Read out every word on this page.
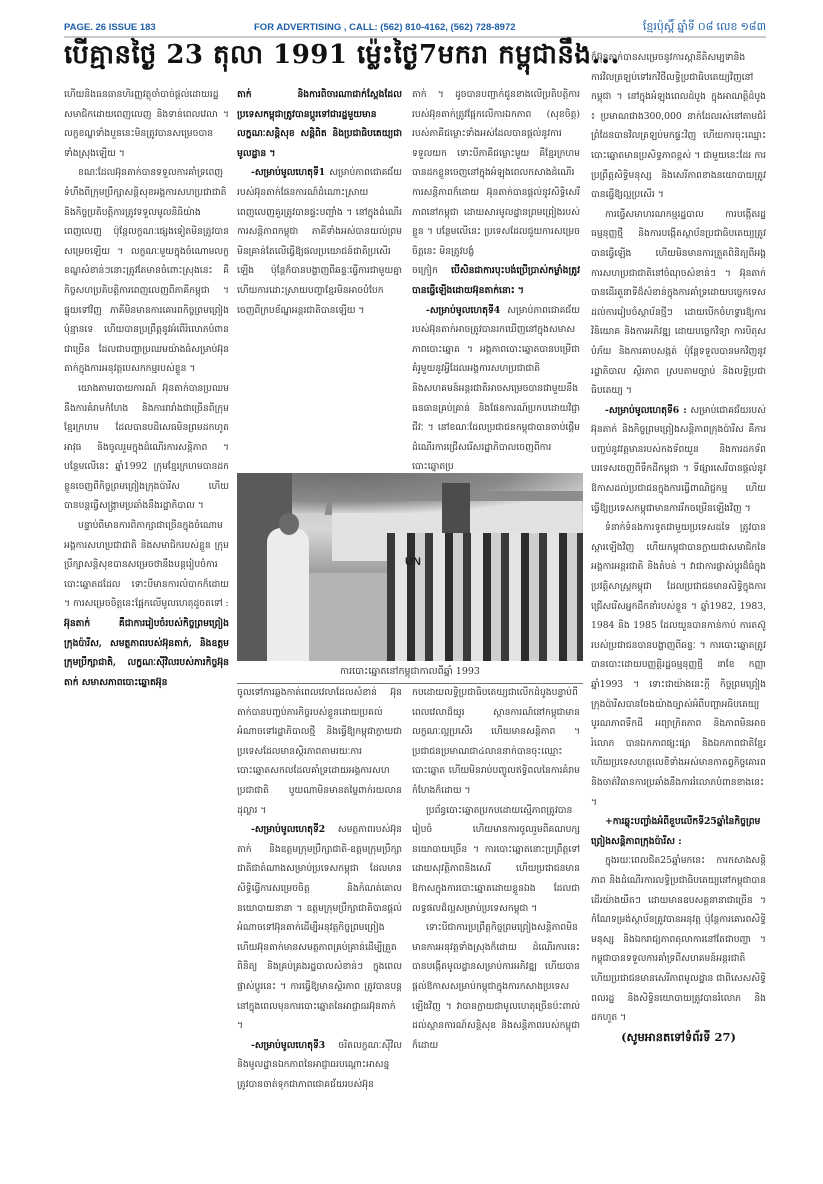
PAGE. 26 ISSUE 183	FOR ADVERTISING , CALL: (562) 810-4162, (562) 728-8972	ខ្មែរប៉ុស្ដិ៍ ឆ្នាំទី ០៨ លេខ ១៨៣
បើគ្មានថ្ងៃ 23 តុលា 1991 ម្ល៉េះថ្ងៃ7មករា កម្ពុជានឹង...

ហើយនិងធនធានហិរញ្ញវត្ថុចាំបាច់ផ្ដល់ដោយរដ្ឋសមាជិកដោយពេញលេញ និងទាន់ពេលវេលា ។ លក្ខខណ្ឌទាំងបួននេះមិនត្រូវបានសម្រេចបានទាំងស្រុងឡើយ ។

ខណៈដែលអ៊ុនតាក់បានទទួលការគាំទ្រពេញទំហឹងពីក្រុមប្រឹក្សាសន្ដិសុខអង្គការសហប្រជាជាតិ និងកិច្ចប្រតិបត្តិការត្រូវទទួលមូលនិធិយ៉ាងពេញលេញ ប៉ុន្ដែលក្ខណៈផ្សេងទៀតមិនត្រូវបានសម្រេចឡើយ ។ លក្ខណៈមួយក្នុងចំណោមលក្ខខណ្ឌសំខាន់ៗនោះត្រូវតែមានចំពោះស្រុងនេះ គឺកិច្ចសហប្រតិបត្តិការពេញលេញពីភាគីកម្ពុជា ។ ផ្ទុយទៅវិញ ភាគីមិនមានការគោរពកិច្ចព្រមព្រៀងប៉ុន្មានទេ ហើយបានប្រព្រឹត្តនូវអំពើរំលោភបំពានជាច្រើន ដែលជាបញ្ហាប្រឈមយ៉ាងធំសម្រាប់អ៊ុនតាក់ក្នុងការអនុវត្តបេសកកម្មរបស់ខ្លួន ។

យោងតាមរបាយការណ៍ អ៊ុនតាក់បានប្រឈមនឹងការគំរាមកំហែង និងការរារាំងជាច្រើនពីក្រុមខ្មែរក្រហម ដែលបានបដិសេធមិនព្រមដកហូតអាវុធ និងចូលរួមក្នុងដំណើរការសន្ដិភាព ។ បន្ថែមលើនេះ ឆ្នាំ1992 ក្រុមខ្មែរក្រហមបានដកខ្លួនចេញពីកិច្ចព្រមព្រៀងក្រុងប៉ារីស ហើយបានបន្ដធ្វើសង្គ្រាមប្រឆាំងនឹងរដ្ឋាភិបាល ។

បន្ទាប់ពីមានការពិភាក្សាជាច្រើនក្នុងចំណោមអង្គការសហប្រជាជាតិ និងសមាជិករបស់ខ្លួន ក្រុមប្រឹក្សាសន្ដិសុខបានសម្រេចថានឹងបន្ដរៀបចំការបោះឆ្នោតដដែល ទោះបីមានការលំបាកក៏ដោយ ។ ការសម្រេចចិត្តនេះផ្អែកលើមូលហេតុដូចតទៅ :

អ៊ុនតាក់ គឺជាការរៀបចំរបស់កិច្ចព្រមព្រៀងក្រុងប៉ារីស, សមត្ថភាពរបស់អ៊ុនតាក់, និងឧត្ដមក្រុមប្រឹក្សាជាតិ, លក្ខណៈស៊ីវិលរបស់ភារកិច្ចអ៊ុនតាក់ សមាសភាពបោះឆ្នោតអ៊ុន

តាក់ និងការពិចារណាជាក់ស្ដែងដែលប្រទេសកម្ពុជាត្រូវបានប្ដូរទៅជារដ្ឋមួយមានលក្ខណៈសន្ដិសុខ សន្ដិពិត និងប្រជាធិបតេយ្យជាមូលដ្ឋាន ។

-សម្រាប់មូលហេតុទី1 សម្រាប់ភាពជោគជ័យរបស់អ៊ុនតាក់ផែនការណ៍ដំណោះស្រាយពេញលេញគួរត្រូវបានផ្ទះបញ្ជាំង ។ នៅក្នុងដំណើរការសន្ដិភាពកម្ពុជា ភាគីទាំងអស់បានយល់ព្រមមិនគ្រាន់តែលើធ្វើឱ្យផលប្រយោជន៍ជាតិប្រសើរឡើង ប៉ុន្ដែក៏បានបង្ហាញពីឆន្ទៈធ្វើការជាមួយគ្នា ហើយការដោះស្រាយបញ្ហាខ្មែរមិនអាចបំបែកចេញពីក្របខ័ណ្ឌអន្ដរជាតិបានឡើយ ។

តាក់ ។ ដូចបានបញ្ជាក់ជូនខាងលើប្រតិបត្តិការរបស់អ៊ុនតាក់ត្រូវផ្អែកលើការឯកភាព (សុខចិត្ត) របស់ភាគីជម្លោះទាំងអស់ដែលបានផ្ដល់នូវការទទួលយក ទោះបីភាគីជម្លោះមួយ គឺខ្មែរក្រហមបានដកខ្លួនចេញនៅក្នុងអំឡុងពេលកសាងដំណើរការសន្ដិភាពក៏ដោយ អ៊ុនតាក់បានផ្ដល់នូវសិទ្ធិសេរីភាពនៅកម្ពុជា ដោយសារមូលដ្ឋានព្រមព្រៀងរបស់ខ្លួន ។ បន្ថែមលើនេះ ប្រទេសដែលជួយការសម្រេចចិត្តនេះ មិនត្រូវបង្ខំ

ចក្រៀក បើសិនជាការបុះបង់ប្រើប្រាស់កម្លាំងត្រូវបានធ្វើឡើងដោយអ៊ុនតាក់នោះ ។

-សម្រាប់មូលហេតុទី4 សម្រាប់ភាពជោគជ័យរបស់អ៊ុនតាក់អាចត្រូវបានរកឃើញនៅក្នុងសមាសភាពបោះឆ្នោត ។ អង្គភាពបោះឆ្នោតបានបម្រើជាគំរូមួយនូវអ្វីដែលអង្គការសហប្រជាជាតិ និងសហគមន៍អន្ដរជាតិអាចសម្រេចបានជាមួយនឹងធនធានគ្រប់គ្រាន់ និងផែនការណ៍ប្រកបដោយវិជ្ជាជីវៈ ។ នៅខណៈដែលប្រជាជនកម្ពុជាបានចាប់ផ្ដើមដំណើរការជ្រើសរើសរដ្ឋាភិបាលចេញពីការបោះឆ្នោតប្រ

UN
ការបោះឆ្នោតនៅកម្ពុជាកាលពីឆ្នាំ 1993

ចូលទៅការឆ្លងកាត់ពេលវេលាដែលសំខាន់ អ៊ុនតាក់បានបញ្ចប់ភារកិច្ចរបស់ខ្លួនដោយប្រគល់អំណាចទៅរដ្ឋាភិបាលថ្មី និងធ្វើឱ្យកម្ពុជាក្លាយជាប្រទេសដែលមានស្ថិរភាពតាមរយៈការបោះឆ្នោតសកលដែលគាំទ្រដោយអង្គការសហប្រជាជាតិ បូយណាមិនមានតម្លៃពាក់រយលានដុល្លារ ។

-សម្រាប់មូលហេតុទី2 សមត្ថភាពរបស់អ៊ុនតាក់ និងឧត្ដមក្រុមប្រឹក្សាជាតិ-ឧត្ដមក្រុមប្រឹក្សាជាតិជាតំណាងសម្រាប់ប្រទេសកម្ពុជា ដែលមានសិទ្ធិធ្វើការសម្រេចចិត្ត និងកំណត់គោលនយោបាយនានា ។ ឧត្ដមក្រុមប្រឹក្សាជាតិបានផ្ដល់អំណាចទៅអ៊ុនតាក់ដើម្បីអនុវត្តកិច្ចព្រមព្រៀង ហើយអ៊ុនតាក់មានសមត្ថភាពគ្រប់គ្រាន់ដើម្បីត្រួតពិនិត្យ និងគ្រប់គ្រងរដ្ឋបាលសំខាន់ៗ ក្នុងពេលផ្លាស់ប្ដូរនេះ ។ ការធ្វើឱ្យមានស្ថិរភាព ត្រូវបានបន្ដនៅក្នុងពេលមុនការបោះឆ្នោតនៃអាជ្ញាធរអ៊ុនតាក់ ។

-សម្រាប់មូលហេតុទី3 ចរិតលក្ខណៈស៊ីវិល និងមូលដ្ឋានឯកភាពនៃអាជ្ញាធរបណ្ដោះអាសន្ន ត្រូវបានចាត់ទុកជាភាពជោគជ័យរបស់អ៊ុន

កបដោយលទ្ធិប្រជាធិបតេយ្យជាលើកដំបូងបន្ទាប់ពីពេលវេលាដ៏យូរ ស្ថានការណ៍នៅកម្ពុជាមានលក្ខណៈល្អប្រសើរ ហើយមានសន្ដិភាព ។ ប្រជាជនប្រមាណជា៤លាននាក់បានចុះឈ្មោះបោះឆ្នោត ហើយមិនរាប់បញ្ចូលឥទ្ធិពលនៃការគំរាមកំហែងក៏ដោយ ។

ប្រព័ន្ធបោះឆ្នោតប្រកបដោយស្មើភាពត្រូវបានរៀបចំ ហើយមានការចូលរួមពីគណបក្សនយោបាយច្រើន ។ ការបោះឆ្នោតនោះប្រព្រឹត្តទៅដោយសុវត្ថិភាពនិងសេរី ហើយប្រជាជនមានឱកាសក្នុងការបោះឆ្នោតដោយខ្លួនឯង ដែលជាលទ្ធផលដ៏ល្អសម្រាប់ប្រទេសកម្ពុជា ។

ទោះបីជាការប្រព្រឹត្តកិច្ចព្រមព្រៀងសន្ដិភាពមិនមានការអនុវត្តទាំងស្រុងក៏ដោយ ដំណើរការនេះបានបង្កើតមូលដ្ឋានសម្រាប់ការអភិវឌ្ឍ ហើយបានផ្ដល់ឱកាសសម្រាប់កម្ពុជាក្នុងការកសាងប្រទេសឡើងវិញ ។ វាបានក្លាយជាមូលហេតុច្រើនប៉ះពាល់ដល់ស្ថានការណ៍សន្ដិសុខ និងសន្ដិភាពរបស់កម្ពុជាក៏ដោយ

ក៏អ៊ុនតាក់បានសម្រេចនូវការស្ពានីតិសម្បទានិងការវិលត្រឡប់ទៅរកវិថីលទ្ធិប្រជាធិបតេយ្យវិញនៅកម្ពុជា ។ នៅក្នុងអំឡុងពេលដំបូង ក្នុងអាណត្តិដំបូង ៖ ប្រមាណជាង300,000 នាក់ដែលរស់នៅតាមជំរំព្រំដែនបានវិលត្រឡប់មកផ្ទះវិញ ហើយការចុះឈ្មោះបោះឆ្នោតមានប្រសិទ្ធភាពខ្ពស់ ។ ជាមួយនេះដែរ ការប្រព្រឹត្តសិទ្ធិមនុស្ស និងសេរីភាពខាងនយោបាយត្រូវបានធ្វើឱ្យល្អប្រសើរ ។

ការធ្វើសមាហរណកម្មរដ្ឋបាល ការបង្កើតរដ្ឋធម្មនុញ្ញថ្មី និងការបង្កើតស្ថាប័នប្រជាធិបតេយ្យត្រូវបានធ្វើឡើង ហើយមិនមានការត្រួតពិនិត្យពីអង្គការសហប្រជាជាតិនៅចំណុចសំខាន់ៗ ។ អ៊ុនតាក់បានដើរតួនាទីដ៏សំខាន់ក្នុងការគាំទ្រដោយបច្ចេកទេសដល់ការរៀបចំស្ថាប័នថ្មីៗ ដោយបើកចំហទ្វារឱ្យការវិនិយោគ និងការអភិវឌ្ឍ ដោយបច្ចេកវិទ្យា ការបិតុសបំភ័យ និងការគាបសង្កត់ ប៉ុន្ដែទទួលបានមកវិញនូវរដ្ឋាភិបាល ស្ថិរភាព ស្របតាមច្បាប់ និងលទ្ធិប្រជាធិបតេយ្យ ។

-សម្រាប់មូលហេតុទី6 : សម្រាប់ជោគជ័យរបស់អ៊ុនតាក់ និងកិច្ចព្រមព្រៀងសន្ដិភាពក្រុងប៉ារីស គឺការបញ្ចប់នូវវត្តមានរបស់កងទ័ពយួន និងការដកទ័ពបរទេសចេញពីទឹកដីកម្ពុជា ។ ទីផ្សារសេរីបានផ្ដល់នូវឱកាសដល់ប្រជាជនក្នុងការធ្វើពាណិជ្ជកម្ម ហើយធ្វើឱ្យប្រទេសកម្ពុជាមានការរីកចម្រើនឡើងវិញ ។

ទំនាក់ទំនងការទូតជាមួយប្រទេសដទៃ ត្រូវបានស្ដារឡើងវិញ ហើយកម្ពុជាបានក្លាយជាសមាជិកនៃអង្គការអន្ដរជាតិ និងតំបន់ ។ វាជាការផ្លាស់ប្ដូរដ៏ធំក្នុងប្រវត្តិសាស្ត្រកម្ពុជា ដែលប្រជាជនមានសិទ្ធិក្នុងការជ្រើសរើសអ្នកដឹកនាំរបស់ខ្លួន ។ ឆ្នាំ1982, 1983, 1984 និង 1985 ដែលយួនបានកាន់កាប់ ការតស៊ូរបស់ប្រជាជនបានបង្ហាញពីឆន្ទៈ ។ ការបោះឆ្នោតត្រូវបានបោះដោយបញ្ញត្តិរដ្ឋធម្មនុញ្ញថ្មី នាខែ កញ្ញា ឆ្នាំ1993 ។ ទោះជាយ៉ាងនេះក្ដី កិច្ចព្រមព្រៀងក្រុងប៉ារីសបានចែងយ៉ាងច្បាស់អំពីបញ្ហាអធិបតេយ្យ បូរណភាពទឹកដី អព្យាក្រិតភាព និងភាពមិនអាចរំលោភ បានឯកភាពផ្សះផ្សា និងឯកភាពជាតិខ្មែរ ហើយប្រទេសហត្ថលេខីទាំងអស់មានកាតព្វកិច្ចគោរព និងចាត់វិធានការប្រឆាំងនឹងការរំលោភបំពានខាងនេះ ។

+ការឆ្លុះបញ្ចាំងអំពីខួបលើកទី25ឆ្នាំនៃកិច្ចព្រមព្រៀងសន្ដិភាពក្រុងប៉ារីស :

ក្នុងរយៈពេលជិត25ឆ្នាំមកនេះ ការកសាងសន្ដិភាព និងដំណើរការលទ្ធិប្រជាធិបតេយ្យនៅកម្ពុជាបានដើរយ៉ាងយឺតៗ ដោយមានឧបសគ្គនានាជាច្រើន ។ កំណែទម្រង់ស្ថាប័នត្រូវបានអនុវត្ត ប៉ុន្ដែការគោរពសិទ្ធិមនុស្ស និងឯករាជ្យភាពតុលាការនៅតែជាបញ្ហា ។ កម្ពុជាបានទទួលការគាំទ្រពីសហគមន៍អន្ដរជាតិ ហើយប្រជាជនមានសេរីភាពមូលដ្ឋាន ជាពិសេសសិទ្ធិពលរដ្ឋ និងសិទ្ធិនយោបាយត្រូវបានរំលោភ និងដកហូត ។

(សូមអានតទៅទំព័រទី 27)
